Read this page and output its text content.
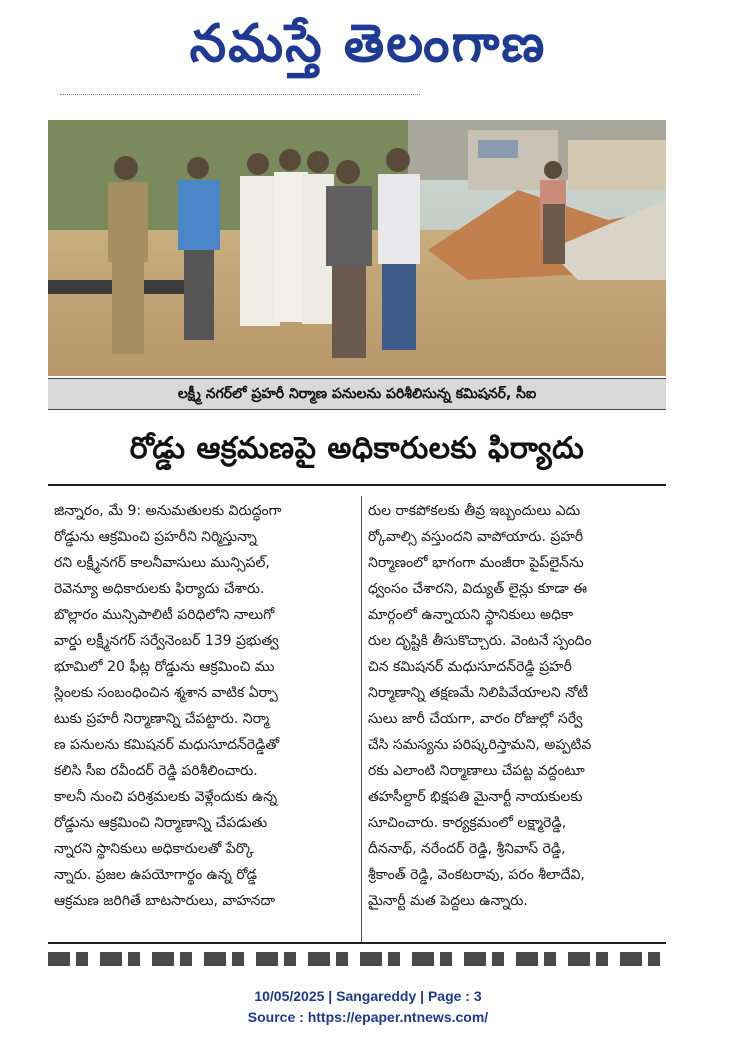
నమస్తే తెలంగాణ
లక్ష్మీ నగర్‌లో ప్రహరీ నిర్మాణ పనులను పరిశీలిసున్న కమిషనర్, సీఐ
రోడ్డు ఆక్రమణపై అధికారులకు ఫిర్యాదు

జిన్నారం, మే 9: అనుమతులకు విరుద్ధంగా

రోడ్డును ఆక్రమించి ప్రహరీని నిర్మిస్తున్నా

రని లక్ష్మీనగర్ కాలనీవాసులు మున్సిపల్,

రెవెన్యూ అధికారులకు ఫిర్యాదు చేశారు.

బొల్లారం మున్సిపాలిటీ పరిధిలోని నాలుగో

వార్డు లక్ష్మీనగర్ సర్వేనెంబర్ 139 ప్రభుత్వ

భూమిలో 20 ఫీట్ల రోడ్డును ఆక్రమించి ము

స్లింలకు సంబంధించిన శ్మశాన వాటిక ఏర్పా

టుకు ప్రహరీ నిర్మాణాన్ని చేపట్టారు. నిర్మా

ణ పనులను కమిషనర్ మధుసూదన్‌రెడ్డితో

కలిసి సీఐ రవీందర్ రెడ్డి పరిశీలించారు.

కాలనీ నుంచి పరిశ్రమలకు వెళ్లేందుకు ఉన్న

రోడ్డును ఆక్రమించి నిర్మాణాన్ని చేపడుతు

న్నారని స్థానికులు అధికారులతో పేర్కొ

న్నారు. ప్రజల ఉపయోగార్థం ఉన్న రోడ్డ

ఆక్రమణ జరిగితే బాటసారులు, వాహనదా

రుల రాకపోకలకు తీవ్ర ఇబ్బందులు ఎదు

ర్కోవాల్సి వస్తుందని వాపోయారు. ప్రహరీ

నిర్మాణంలో భాగంగా మంజీరా పైప్‌లైన్‌ను

ధ్వంసం చేశారని, విద్యుత్ లైన్లు కూడా ఈ

మార్గంలో ఉన్నాయని స్థానికులు అధికా

రుల దృష్టికి తీసుకొచ్చారు. వెంటనే స్పందిం

చిన కమిషనర్ మధుసూదన్‌రెడ్డి ప్రహరీ

నిర్మాణాన్ని తక్షణమే నిలిపివేయాలని నోటీ

సులు జారీ చేయగా, వారం రోజుల్లో సర్వే

చేసి సమస్యను పరిష్కరిస్తామని, అప్పటివ

రకు ఎలాంటి నిర్మాణాలు చేపట్ట వద్దంటూ

తహసీల్దార్ భిక్షపతి మైనార్టీ నాయకులకు

సూచించారు. కార్యక్రమంలో లక్ష్మారెడ్డి,

దీననాథ్, నరేందర్ రెడ్డి, శ్రీనివాస్ రెడ్డి,

శ్రీకాంత్ రెడ్డి, వెంకటరావు, పరం శీలాదేవి,

మైనార్టీ మత పెద్దలు ఉన్నారు.

10/05/2025 | Sangareddy | Page : 3
Source : https://epaper.ntnews.com/
